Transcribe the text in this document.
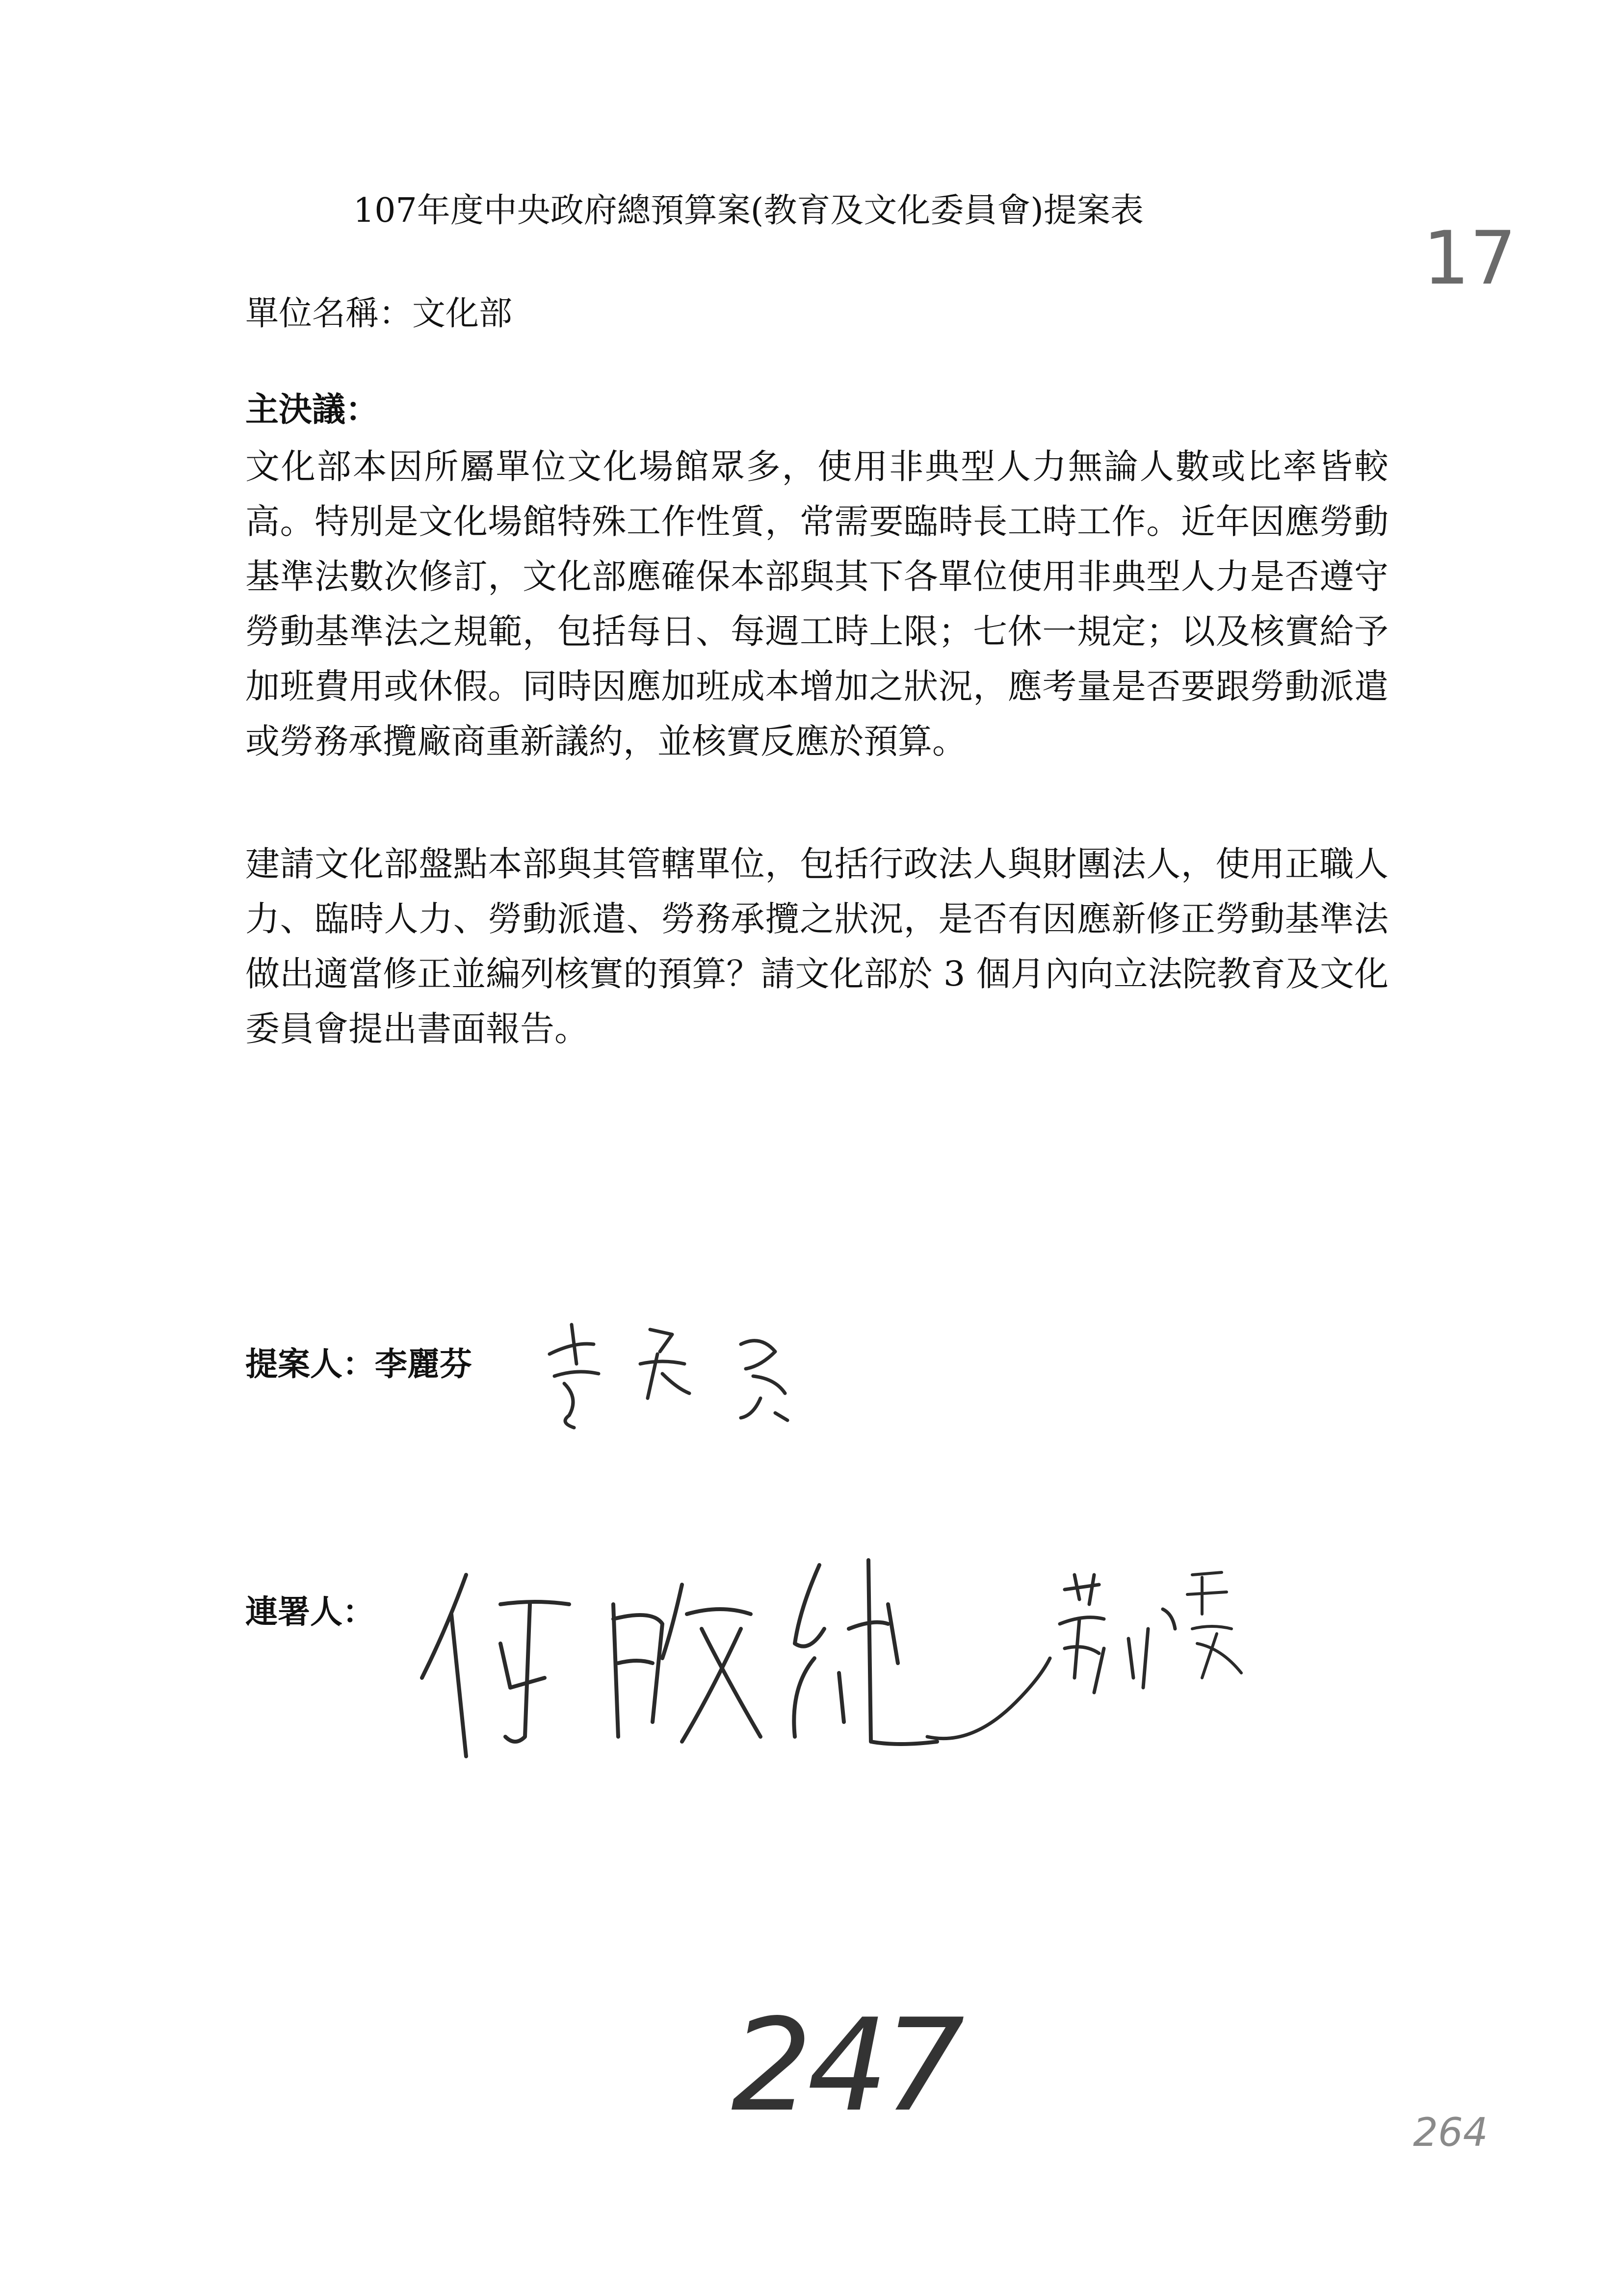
107年度中央政府總預算案(教育及文化委員會)提案表
單位名稱：文化部
主決議：

文化部本因所屬單位文化場館眾多，使用非典型人力無論人數或比率皆較高。特別是文化場館特殊工作性質，常需要臨時長工時工作。近年因應勞動基準法數次修訂，文化部應確保本部與其下各單位使用非典型人力是否遵守勞動基準法之規範，包括每日、每週工時上限；七休一規定；以及核實給予加班費用或休假。同時因應加班成本增加之狀況，應考量是否要跟勞動派遣或勞務承攬廠商重新議約，並核實反應於預算。

建請文化部盤點本部與其管轄單位，包括行政法人與財團法人，使用正職人力、臨時人力、勞動派遣、勞務承攬之狀況，是否有因應新修正勞動基準法做出適當修正並編列核實的預算？請文化部於 3 個月內向立法院教育及文化委員會提出書面報告。

提案人：李麗芬
連署人：
17
247	264
